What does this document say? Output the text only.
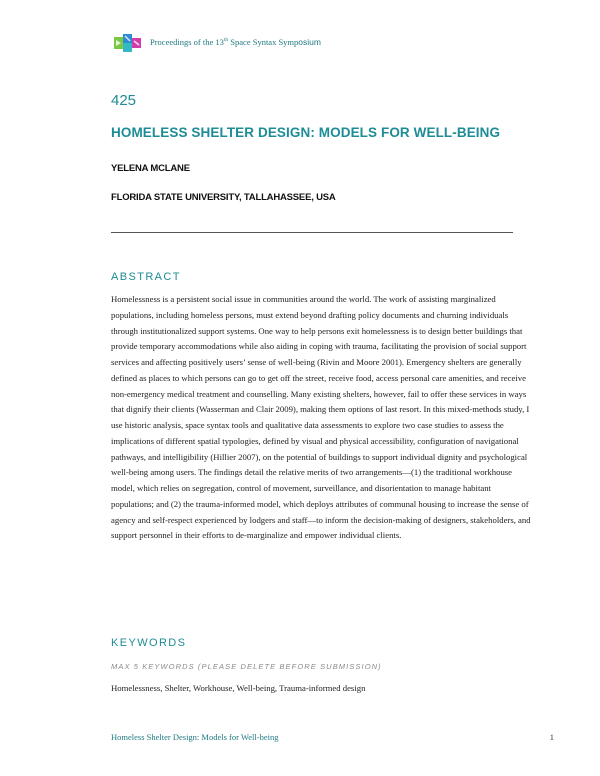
Proceedings of the 13th Space Syntax Symposium
425
HOMELESS SHELTER DESIGN: MODELS FOR WELL-BEING
YELENA MCLANE
FLORIDA STATE UNIVERSITY, TALLAHASSEE, USA
ABSTRACT
Homelessness is a persistent social issue in communities around the world. The work of assisting marginalized populations, including homeless persons, must extend beyond drafting policy documents and churning individuals through institutionalized support systems. One way to help persons exit homelessness is to design better buildings that provide temporary accommodations while also aiding in coping with trauma, facilitating the provision of social support services and affecting positively users’ sense of well-being (Rivin and Moore 2001). Emergency shelters are generally defined as places to which persons can go to get off the street, receive food, access personal care amenities, and receive non-emergency medical treatment and counselling. Many existing shelters, however, fail to offer these services in ways that dignify their clients (Wasserman and Clair 2009), making them options of last resort. In this mixed-methods study, I use historic analysis, space syntax tools and qualitative data assessments to explore two case studies to assess the implications of different spatial typologies, defined by visual and physical accessibility, configuration of navigational pathways, and intelligibility (Hillier 2007), on the potential of buildings to support individual dignity and psychological well-being among users. The findings detail the relative merits of two arrangements—(1) the traditional workhouse model, which relies on segregation, control of movement, surveillance, and disorientation to manage habitant populations; and (2) the trauma-informed model, which deploys attributes of communal housing to increase the sense of agency and self-respect experienced by lodgers and staff—to inform the decision-making of designers, stakeholders, and support personnel in their efforts to de-marginalize and empower individual clients.
KEYWORDS
MAX 5 KEYWORDS (PLEASE DELETE BEFORE SUBMISSION)
Homelessness, Shelter, Workhouse, Well-being, Trauma-informed design
Homeless Shelter Design: Models for Well-being	1
